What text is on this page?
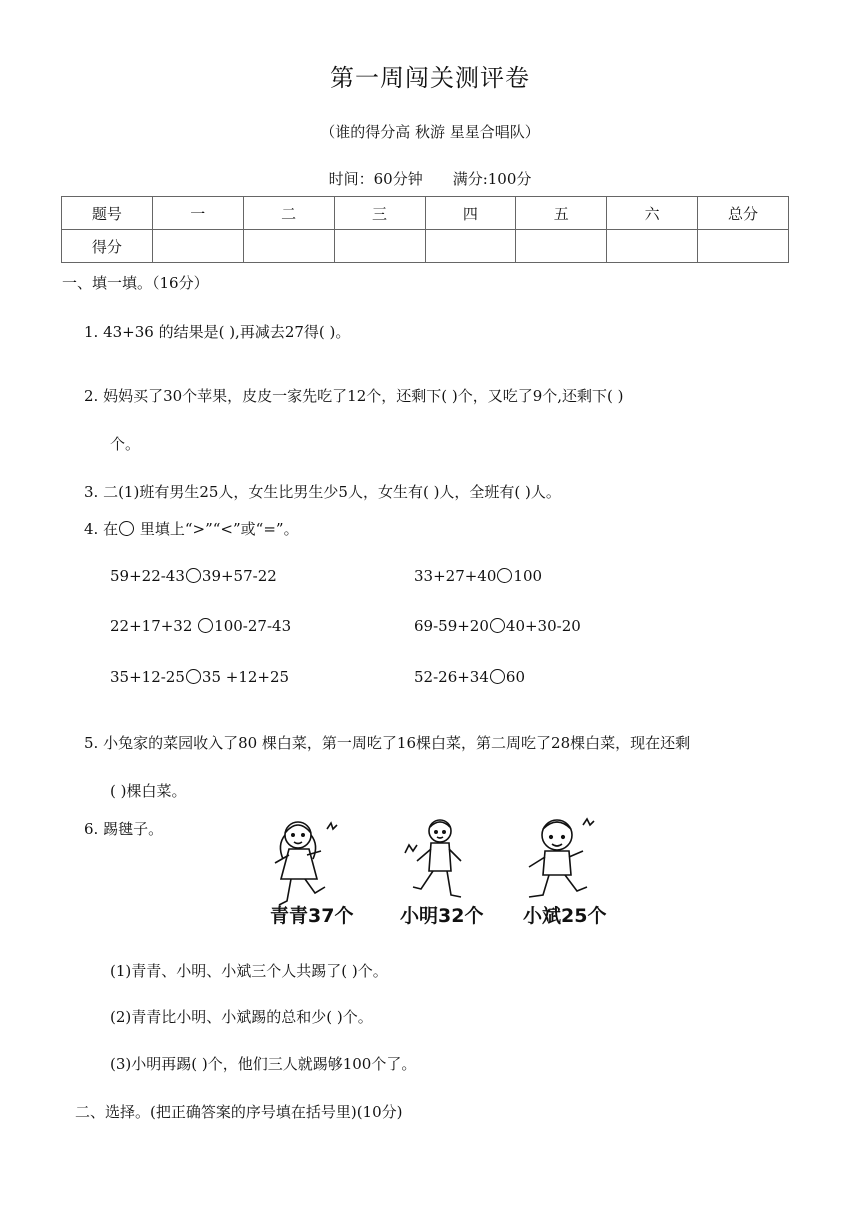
第一周闯关测评卷
（谁的得分高 秋游 星星合唱队）
时间：60分钟 满分:100分
题号	一	二	三	四	五	六	总分
得分							
一、填一填。（16分）
1. 43+36 的结果是( ),再减去27得( )。
2. 妈妈买了30个苹果，皮皮一家先吃了12个，还剩下( )个，又吃了9个,还剩下( )
个。
3. 二(1)班有男生25人，女生比男生少5人，女生有( )人，全班有( )人。
4. 在 里填上“>”“<”或“=”。
59+22-43 39+57-22	33+27+40 100
22+17+32 100-27-43	69-59+20 40+30-20
35+12-25 35 +12+25	52-26+34 60
5. 小兔家的菜园收入了80 棵白菜，第一周吃了16棵白菜，第二周吃了28棵白菜，现在还剩
( )棵白菜。
6. 踢毽子。
青青37个 小明32个 小斌25个
(1)青青、小明、小斌三个人共踢了( )个。
(2)青青比小明、小斌踢的总和少( )个。
(3)小明再踢( )个，他们三人就踢够100个了。
二、选择。(把正确答案的序号填在括号里)(10分)
